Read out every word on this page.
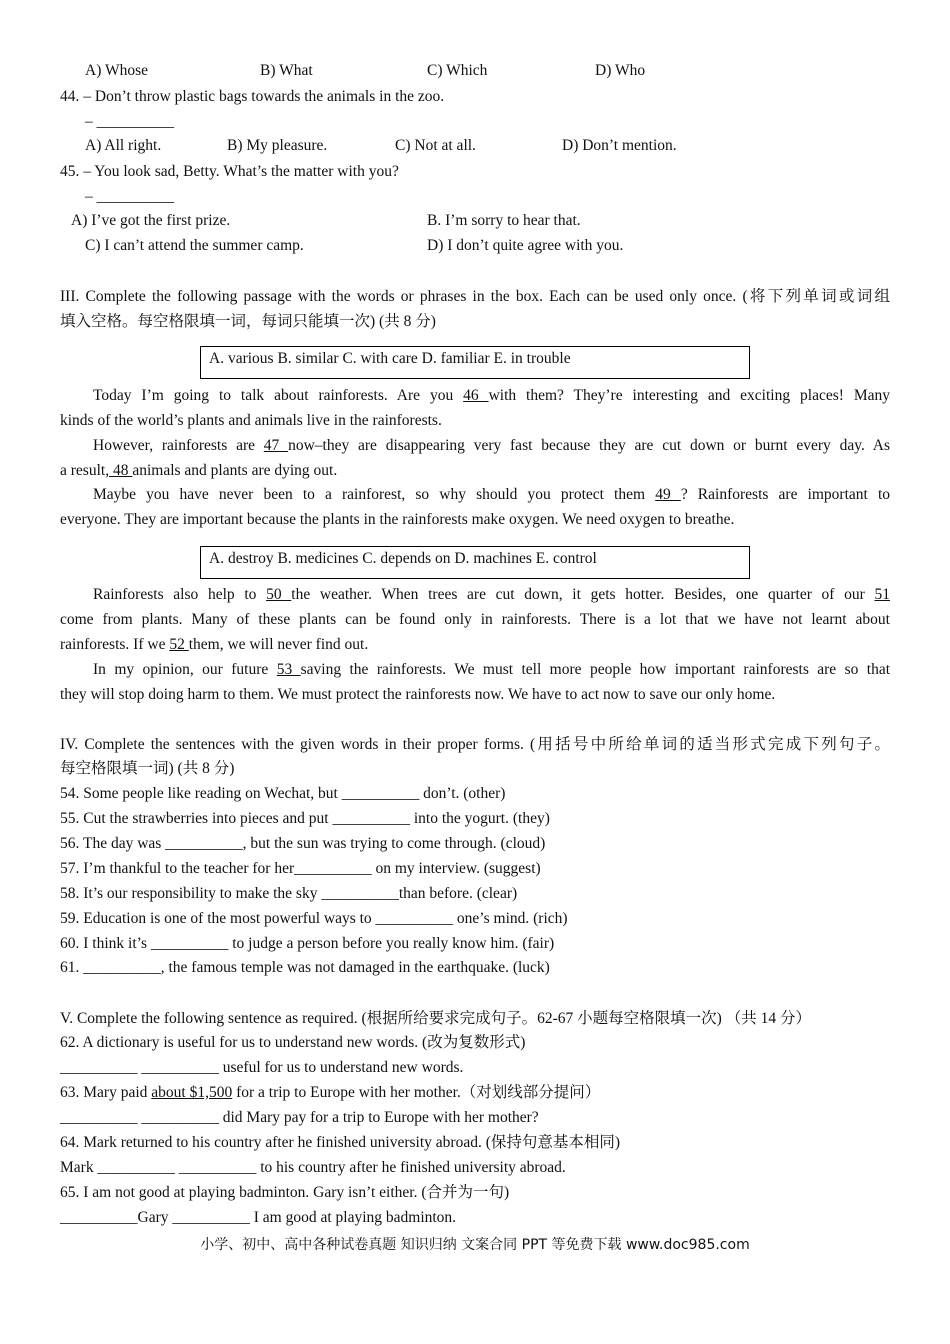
A) Whose	B) What	C) Which	D) Who
44. – Don’t throw plastic bags towards the animals in the zoo.
– __________
A) All right.	B) My pleasure.	C) Not at all.	D) Don’t mention.
45. – You look sad, Betty. What’s the matter with you?
– __________
A) I’ve got the first prize.	B. I’m sorry to hear that.
C) I can’t attend the summer camp.	D) I don’t quite agree with you.
III. Complete the following passage with the words or phrases in the box. Each can be used only once. (将下列单词或词组
填入空格。每空格限填一词，每词只能填一次) (共 8 分)
A. various B. similar C. with care D. familiar E. in trouble
Today I’m going to talk about rainforests. Are you 46 with them? They’re interesting and exciting places! Many
kinds of the world’s plants and animals live in the rainforests.
However, rainforests are 47 now–they are disappearing very fast because they are cut down or burnt every day. As
a result, 48 animals and plants are dying out.
Maybe you have never been to a rainforest, so why should you protect them 49 ? Rainforests are important to
everyone. They are important because the plants in the rainforests make oxygen. We need oxygen to breathe.
A. destroy B. medicines C. depends on D. machines E. control
Rainforests also help to 50 the weather. When trees are cut down, it gets hotter. Besides, one quarter of our 51
come from plants. Many of these plants can be found only in rainforests. There is a lot that we have not learnt about
rainforests. If we 52 them, we will never find out.
In my opinion, our future 53 saving the rainforests. We must tell more people how important rainforests are so that
they will stop doing harm to them. We must protect the rainforests now. We have to act now to save our only home.
IV. Complete the sentences with the given words in their proper forms. (用括号中所给单词的适当形式完成下列句子。
每空格限填一词) (共 8 分)
54. Some people like reading on Wechat, but __________ don’t. (other)
55. Cut the strawberries into pieces and put __________ into the yogurt. (they)
56. The day was __________, but the sun was trying to come through. (cloud)
57. I’m thankful to the teacher for her__________ on my interview. (suggest)
58. It’s our responsibility to make the sky __________than before. (clear)
59. Education is one of the most powerful ways to __________ one’s mind. (rich)
60. I think it’s __________ to judge a person before you really know him. (fair)
61. __________, the famous temple was not damaged in the earthquake. (luck)
V. Complete the following sentence as required. (根据所给要求完成句子。62-67 小题每空格限填一次) （共 14 分）
62. A dictionary is useful for us to understand new words. (改为复数形式)
__________ __________ useful for us to understand new words.
63. Mary paid about $1,500 for a trip to Europe with her mother.（对划线部分提问）
__________ __________ did Mary pay for a trip to Europe with her mother?
64. Mark returned to his country after he finished university abroad. (保持句意基本相同)
Mark __________ __________ to his country after he finished university abroad.
65. I am not good at playing badminton. Gary isn’t either. (合并为一句)
__________Gary __________ I am good at playing badminton.
小学、初中、高中各种试卷真题 知识归纳 文案合同 PPT 等免费下载 www.doc985.com
